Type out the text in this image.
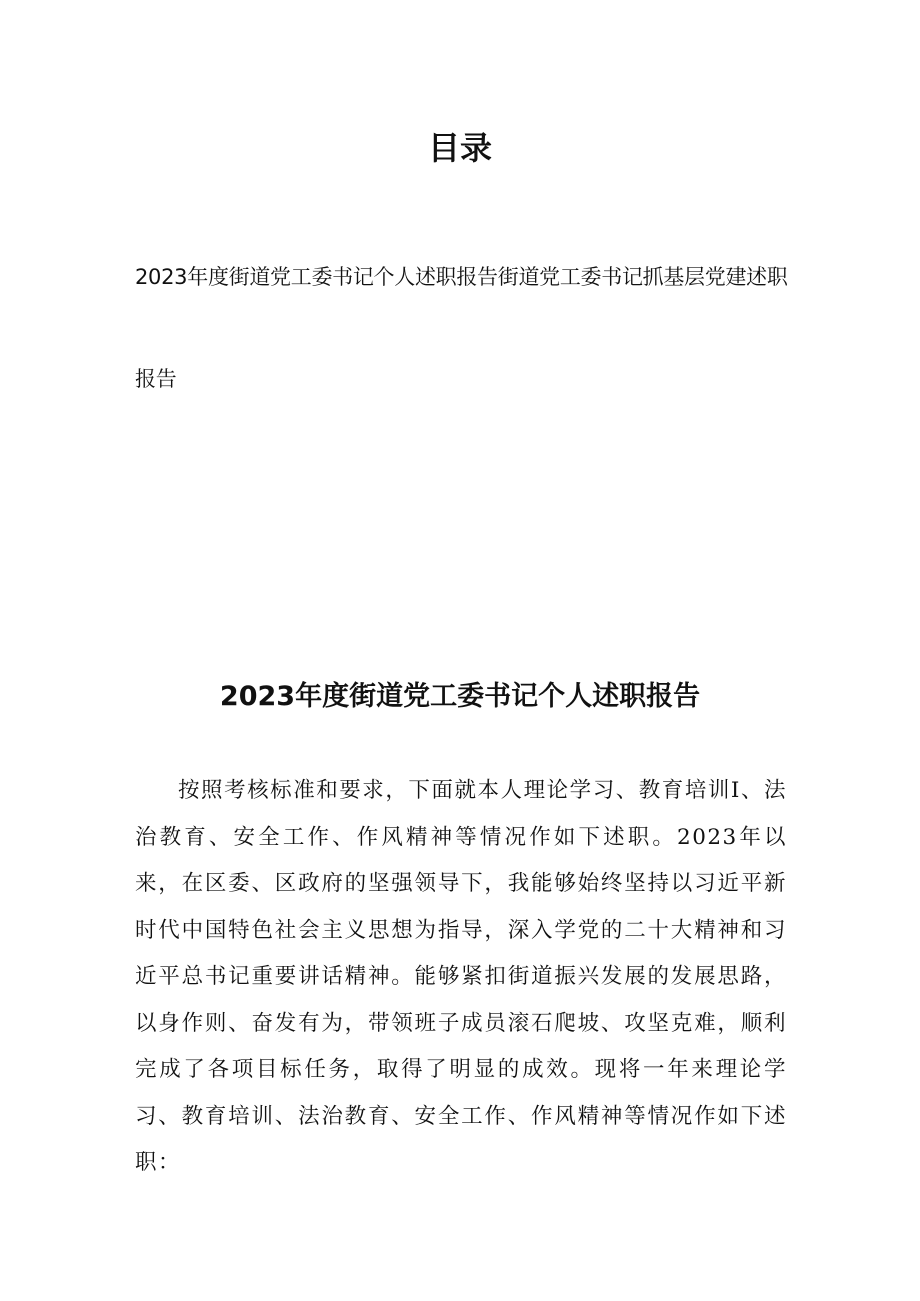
目录

2023年度街道党工委书记个人述职报告街道党工委书记抓基层党建述职报告

2023年度街道党工委书记个人述职报告

按照考核标准和要求，下面就本人理论学习、教育培训I、法治教育、安全工作、作风精神等情况作如下述职。2023年以来，在区委、区政府的坚强领导下，我能够始终坚持以习近平新时代中国特色社会主义思想为指导，深入学党的二十大精神和习近平总书记重要讲话精神。能够紧扣街道振兴发展的发展思路，以身作则、奋发有为，带领班子成员滚石爬坡、攻坚克难，顺利完成了各项目标任务，取得了明显的成效。现将一年来理论学习、教育培训、法治教育、安全工作、作风精神等情况作如下述职：
